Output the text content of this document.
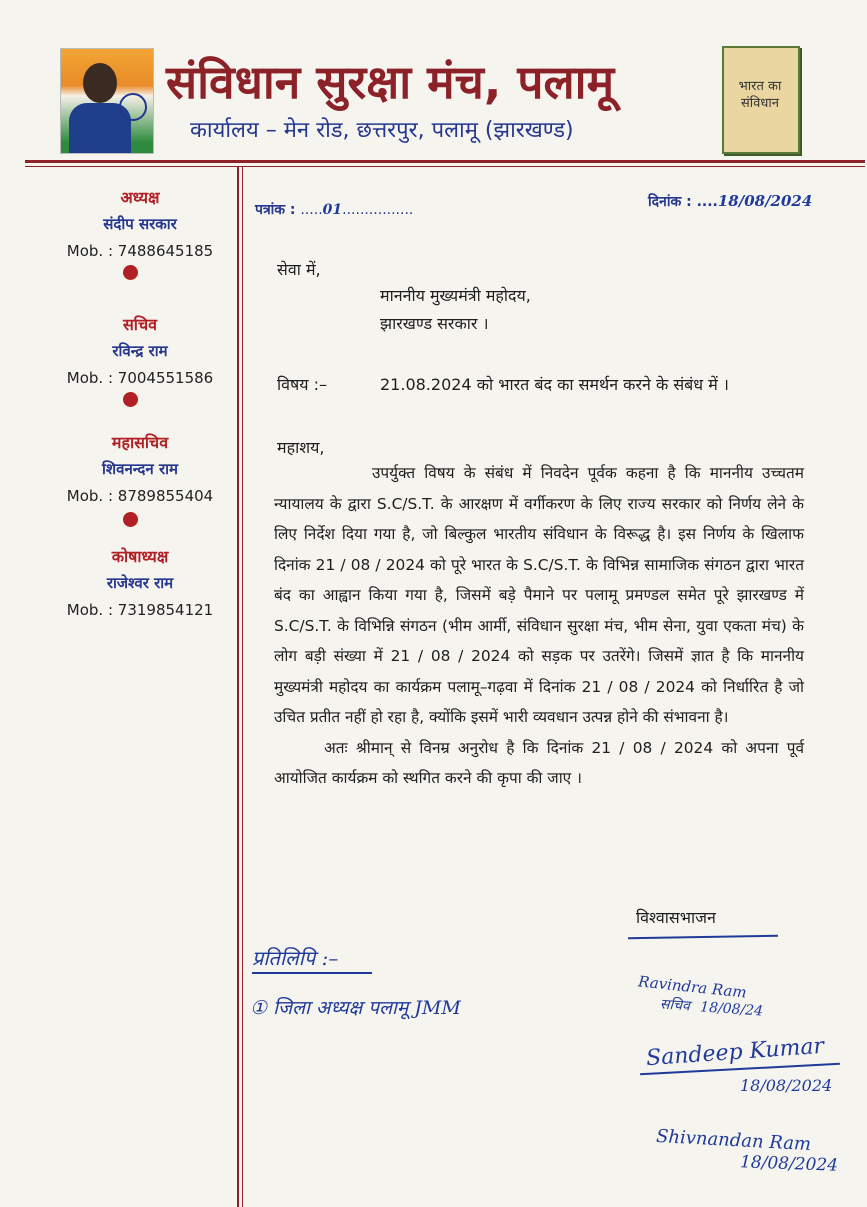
संविधान सुरक्षा मंच, पलामू
कार्यालय – मेन रोड, छत्तरपुर, पलामू (झारखण्ड)
भारत का संविधान
अध्यक्ष
संदीप सरकार
Mob. : 7488645185
सचिव
रविन्द्र राम
Mob. : 7004551586
महासचिव
शिवनन्दन राम
Mob. : 8789855404
कोषाध्यक्ष
राजेश्वर राम
Mob. : 7319854121
पत्रांक : .....01................	दिनांक : ....18/08/2024
सेवा में,
माननीय मुख्यमंत्री महोदय,
झारखण्ड सरकार ।
विषय :–	21.08.2024 को भारत बंद का समर्थन करने के संबंध में ।
महाशय,

उपर्युक्त विषय के संबंध में निवदेन पूर्वक कहना है कि माननीय उच्चतम न्यायालय के द्वारा S.C/S.T. के आरक्षण में वर्गीकरण के लिए राज्य सरकार को निर्णय लेने के लिए निर्देश दिया गया है, जो बिल्कुल भारतीय संविधान के विरूद्ध है। इस निर्णय के खिलाफ दिनांक 21 / 08 / 2024 को पूरे भारत के S.C/S.T. के विभिन्न सामाजिक संगठन द्वारा भारत बंद का आह्वान किया गया है, जिसमें बड़े पैमाने पर पलामू प्रमण्डल समेत पूरे झारखण्ड में S.C/S.T. के विभिन्नि संगठन (भीम आर्मी, संविधान सुरक्षा मंच, भीम सेना, युवा एकता मंच) के लोग बड़ी संख्या में 21 / 08 / 2024 को सड़क पर उतरेंगे। जिसमें ज्ञात है कि माननीय मुख्यमंत्री महोदय का कार्यक्रम पलामू–गढ़वा में दिनांक 21 / 08 / 2024 को निर्धारित है जो उचित प्रतीत नहीं हो रहा है, क्योंकि इसमें भारी व्यवधान उत्पन्न होने की संभावना है।

अतः श्रीमान् से विनम्र अनुरोध है कि दिनांक 21 / 08 / 2024 को अपना पूर्व आयोजित कार्यक्रम को स्थगित करने की कृपा की जाए ।

विश्वासभाजन
प्रतिलिपि :–
① जिला अध्यक्ष पलामू JMM
Ravindra Ram
सचिव 18/08/24
Sandeep Kumar
18/08/2024
Shivnandan Ram
18/08/2024
